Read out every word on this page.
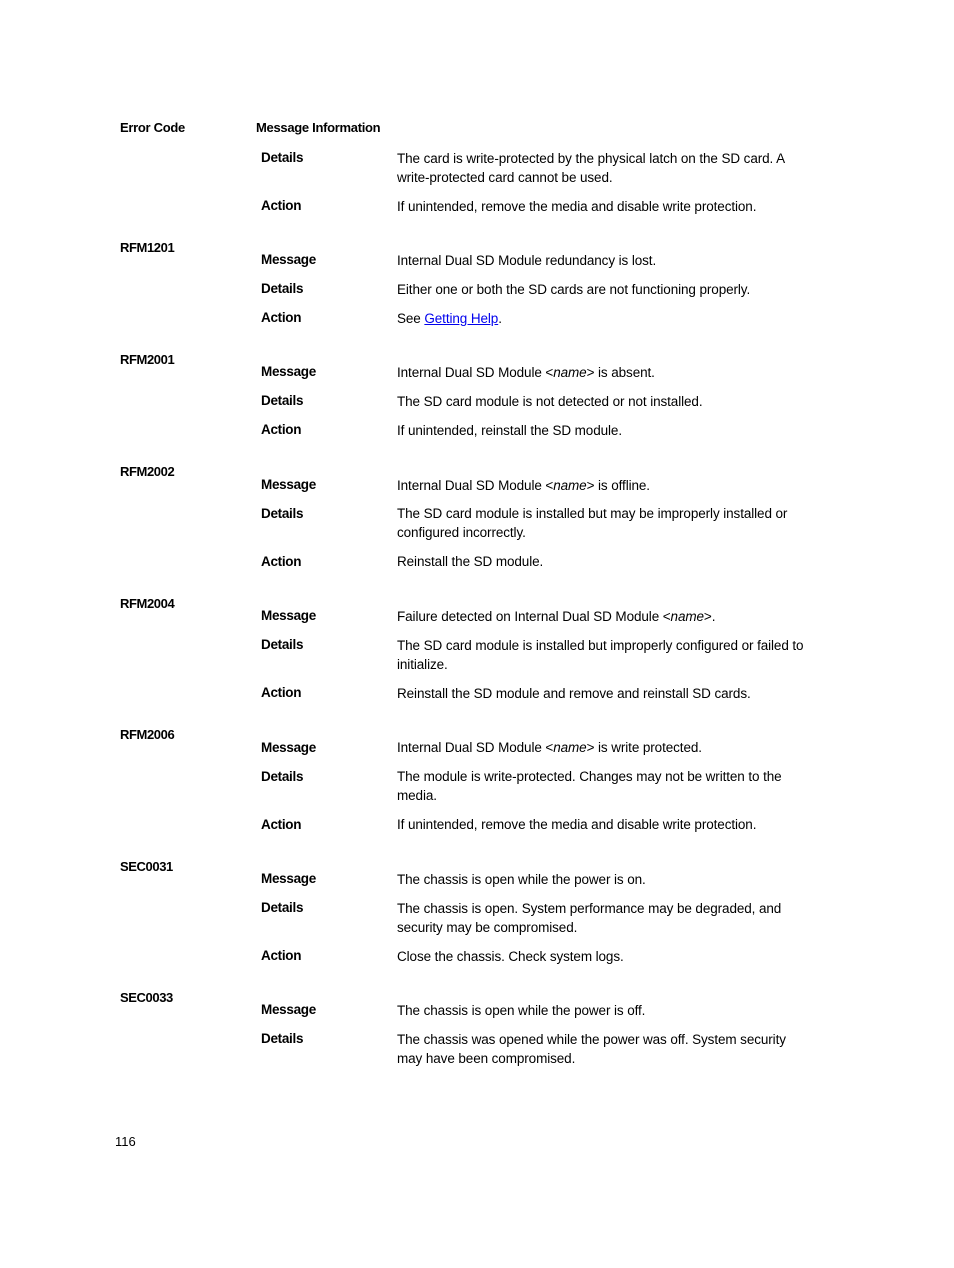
Error Code	Message Information
Details	The card is write-protected by the physical latch on the SD card. A write-protected card cannot be used.
Action	If unintended, remove the media and disable write protection.
RFM1201
Message	Internal Dual SD Module redundancy is lost.
Details	Either one or both the SD cards are not functioning properly.
Action	See Getting Help.
RFM2001
Message	Internal Dual SD Module <name> is absent.
Details	The SD card module is not detected or not installed.
Action	If unintended, reinstall the SD module.
RFM2002
Message	Internal Dual SD Module <name> is offline.
Details	The SD card module is installed but may be improperly installed or configured incorrectly.
Action	Reinstall the SD module.
RFM2004
Message	Failure detected on Internal Dual SD Module <name>.
Details	The SD card module is installed but improperly configured or failed to initialize.
Action	Reinstall the SD module and remove and reinstall SD cards.
RFM2006
Message	Internal Dual SD Module <name> is write protected.
Details	The module is write-protected. Changes may not be written to the media.
Action	If unintended, remove the media and disable write protection.
SEC0031
Message	The chassis is open while the power is on.
Details	The chassis is open. System performance may be degraded, and security may be compromised.
Action	Close the chassis. Check system logs.
SEC0033
Message	The chassis is open while the power is off.
Details	The chassis was opened while the power was off. System security may have been compromised.
116
